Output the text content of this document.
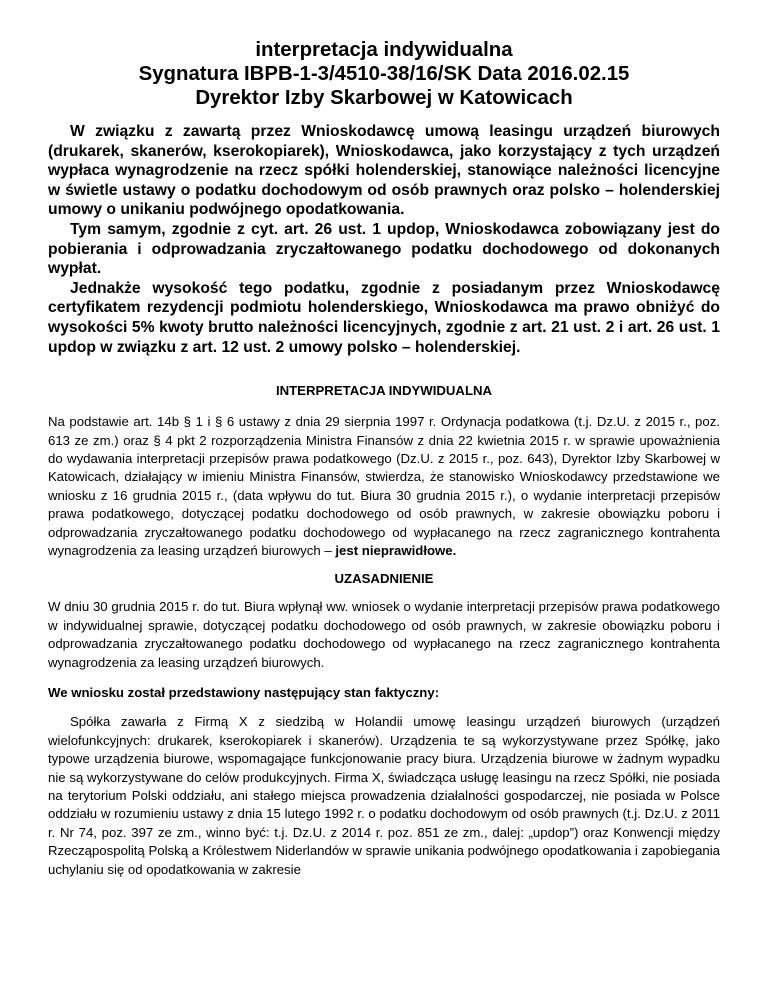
interpretacja indywidualna
Sygnatura IBPB-1-3/4510-38/16/SK Data 2016.02.15
Dyrektor Izby Skarbowej w Katowicach

W związku z zawartą przez Wnioskodawcę umową leasingu urządzeń biurowych (drukarek, skanerów, kserokopiarek), Wnioskodawca, jako korzystający z tych urządzeń wypłaca wynagrodzenie na rzecz spółki holenderskiej, stanowiące należności licencyjne w świetle ustawy o podatku dochodowym od osób prawnych oraz polsko – holenderskiej umowy o unikaniu podwójnego opodatkowania.

Tym samym, zgodnie z cyt. art. 26 ust. 1 updop, Wnioskodawca zobowiązany jest do pobierania i odprowadzania zryczałtowanego podatku dochodowego od dokonanych wypłat.

Jednakże wysokość tego podatku, zgodnie z posiadanym przez Wnioskodawcę certyfikatem rezydencji podmiotu holenderskiego, Wnioskodawca ma prawo obniżyć do wysokości 5% kwoty brutto należności licencyjnych, zgodnie z art. 21 ust. 2 i art. 26 ust. 1 updop w związku z art. 12 ust. 2 umowy polsko – holenderskiej.

INTERPRETACJA INDYWIDUALNA

Na podstawie art. 14b § 1 i § 6 ustawy z dnia 29 sierpnia 1997 r. Ordynacja podatkowa (t.j. Dz.U. z 2015 r., poz. 613 ze zm.) oraz § 4 pkt 2 rozporządzenia Ministra Finansów z dnia 22 kwietnia 2015 r. w sprawie upoważnienia do wydawania interpretacji przepisów prawa podatkowego (Dz.U. z 2015 r., poz. 643), Dyrektor Izby Skarbowej w Katowicach, działający w imieniu Ministra Finansów, stwierdza, że stanowisko Wnioskodawcy przedstawione we wniosku z 16 grudnia 2015 r., (data wpływu do tut. Biura 30 grudnia 2015 r.), o wydanie interpretacji przepisów prawa podatkowego, dotyczącej podatku dochodowego od osób prawnych, w zakresie obowiązku poboru i odprowadzania zryczałtowanego podatku dochodowego od wypłacanego na rzecz zagranicznego kontrahenta wynagrodzenia za leasing urządzeń biurowych – jest nieprawidłowe.

UZASADNIENIE

W dniu 30 grudnia 2015 r. do tut. Biura wpłynął ww. wniosek o wydanie interpretacji przepisów prawa podatkowego w indywidualnej sprawie, dotyczącej podatku dochodowego od osób prawnych, w zakresie obowiązku poboru i odprowadzania zryczałtowanego podatku dochodowego od wypłacanego na rzecz zagranicznego kontrahenta wynagrodzenia za leasing urządzeń biurowych.

We wniosku został przedstawiony następujący stan faktyczny:

Spółka zawarła z Firmą X z siedzibą w Holandii umowę leasingu urządzeń biurowych (urządzeń wielofunkcyjnych: drukarek, kserokopiarek i skanerów). Urządzenia te są wykorzystywane przez Spółkę, jako typowe urządzenia biurowe, wspomagające funkcjonowanie pracy biura. Urządzenia biurowe w żadnym wypadku nie są wykorzystywane do celów produkcyjnych. Firma X, świadcząca usługę leasingu na rzecz Spółki, nie posiada na terytorium Polski oddziału, ani stałego miejsca prowadzenia działalności gospodarczej, nie posiada w Polsce oddziału w rozumieniu ustawy z dnia 15 lutego 1992 r. o podatku dochodowym od osób prawnych (t.j. Dz.U. z 2011 r. Nr 74, poz. 397 ze zm., winno być: t.j. Dz.U. z 2014 r. poz. 851 ze zm., dalej: „updop”) oraz Konwencji między Rzecząpospolitą Polską a Królestwem Niderlandów w sprawie unikania podwójnego opodatkowania i zapobiegania uchylaniu się od opodatkowania w zakresie
